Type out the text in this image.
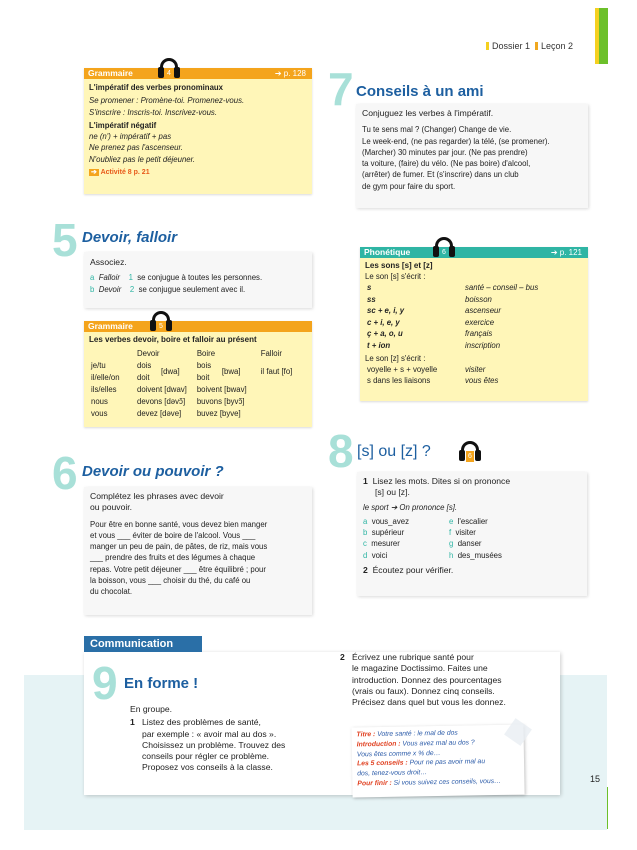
Dossier 1 Leçon 2
Grammaire	➔ p. 128
L'impératif des verbes pronominaux
Se promener : Promène-toi. Promenez-vous.
S'inscrire : Inscris-toi. Inscrivez-vous.
L'impératif négatif
ne (n') + impératif + pas
Ne prenez pas l'ascenseur.
N'oubliez pas le petit déjeuner.
➔ Activité 8 p. 21
4	7 Conseils à un ami
Conjuguez les verbes à l'impératif.
Tu te sens mal ? (Changer) Change de vie.
Le week-end, (ne pas regarder) la télé, (se promener).
(Marcher) 30 minutes par jour. (Ne pas prendre)
ta voiture, (faire) du vélo. (Ne pas boire) d'alcool,
(arrêter) de fumer. Et (s'inscrire) dans un club
de gym pour faire du sport.
5 Devoir, falloir
Associez.
a Falloir 1 se conjugue à toutes les personnes.
b Devoir 2 se conjugue seulement avec il.
Grammaire
Les verbes devoir, boire et falloir au présent
	Devoir		Boire		Falloir
je/tu	dois	[dwa]	bois	[bwa]	il faut [fo]
il/elle/on	doit		boit		
ils/elles	doivent [dwav]		boivent [bwav]		
nous	devons [dəvɔ̃]		buvons [byvɔ̃]		
vous	devez [dəve]		buvez [byve]		
5
Phonétique	➔ p. 121
Les sons [s] et [z]
Le son [s] s'écrit :
s	santé – conseil – bus
ss	boisson
sc + e, i, y	ascenseur
c + i, e, y	exercice
ç + a, o, u	français
t + ion	inscription
Le son [z] s'écrit :
voyelle + s + voyelle	visiter
s dans les liaisons	vous êtes
6
6 Devoir ou pouvoir ?
Complétez les phrases avec devoir
ou pouvoir.
Pour être en bonne santé, vous devez bien manger
et vous ___ éviter de boire de l'alcool. Vous ___
manger un peu de pain, de pâtes, de riz, mais vous
___ prendre des fruits et des légumes à chaque
repas. Votre petit déjeuner ___ être équilibré ; pour
la boisson, vous ___ choisir du thé, du café ou
du chocolat.
8 [s] ou [z] ?	6
1 Lisez les mots. Dites si on prononce
[s] ou [z].
le sport ➔ On prononce [s].
a vous_avez
b supérieur
c mesurer
d voici
e l'escalier
f visiter
g danser
h des_musées
2 Écoutez pour vérifier.
Communication
9 En forme !
En groupe.
1 Listez des problèmes de santé,
par exemple : « avoir mal au dos ».
Choisissez un problème. Trouvez des
conseils pour régler ce problème.
Proposez vos conseils à la classe.
2 Écrivez une rubrique santé pour
le magazine Doctissimo. Faites une
introduction. Donnez des pourcentages
(vrais ou faux). Donnez cinq conseils.
Précisez dans quel but vous les donnez.
Titre : Votre santé : le mal de dos
Introduction : Vous avez mal au dos ?
Vous êtes comme x % de…
Les 5 conseils : Pour ne pas avoir mal au
dos, tenez-vous droit…
Pour finir : Si vous suivez ces conseils, vous…	15
